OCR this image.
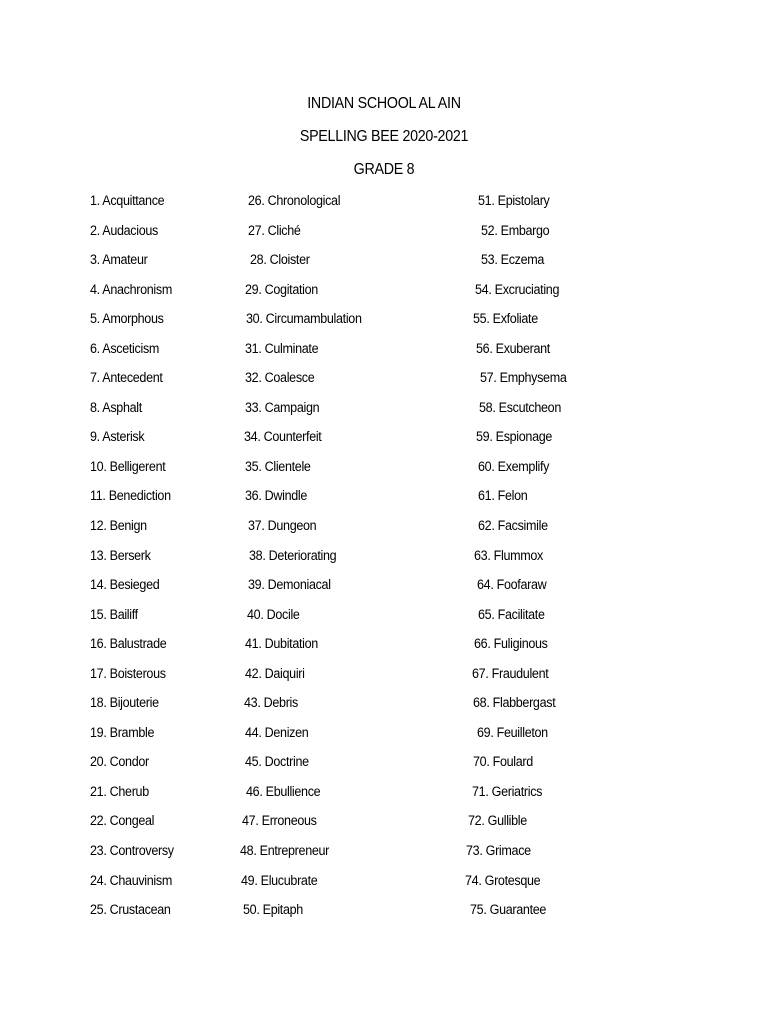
INDIAN SCHOOL AL AIN
SPELLING BEE 2020-2021
GRADE 8
1. Acquittance
2. Audacious
3. Amateur
4. Anachronism
5. Amorphous
6. Asceticism
7. Antecedent
8. Asphalt
9. Asterisk
10. Belligerent
11. Benediction
12. Benign
13. Berserk
14. Besieged
15. Bailiff
16. Balustrade
17. Boisterous
18. Bijouterie
19. Bramble
20. Condor
21. Cherub
22. Congeal
23. Controversy
24. Chauvinism
25. Crustacean
26. Chronological
27. Cliché
28. Cloister
29. Cogitation
30. Circumambulation
31. Culminate
32. Coalesce
33. Campaign
34. Counterfeit
35. Clientele
36. Dwindle
37. Dungeon
38. Deteriorating
39. Demoniacal
40. Docile
41. Dubitation
42. Daiquiri
43. Debris
44. Denizen
45. Doctrine
46. Ebullience
47. Erroneous
48. Entrepreneur
49. Elucubrate
50. Epitaph
51. Epistolary
52. Embargo
53. Eczema
54. Excruciating
55. Exfoliate
56. Exuberant
57. Emphysema
58. Escutcheon
59. Espionage
60. Exemplify
61. Felon
62. Facsimile
63. Flummox
64. Foofaraw
65. Facilitate
66. Fuliginous
67. Fraudulent
68. Flabbergast
69. Feuilleton
70. Foulard
71. Geriatrics
72. Gullible
73. Grimace
74. Grotesque
75. Guarantee
